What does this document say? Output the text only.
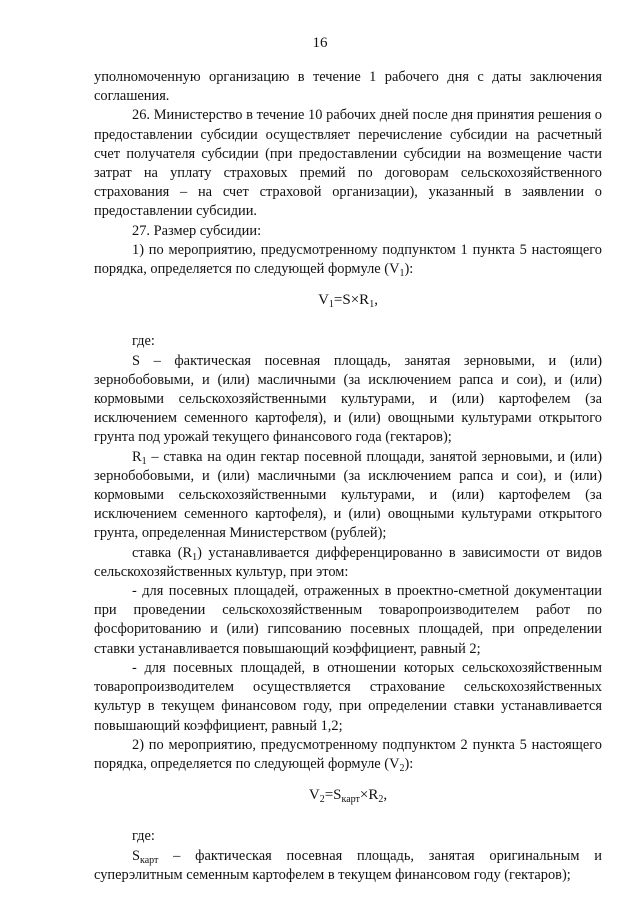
16

уполномоченную организацию в течение 1 рабочего дня с даты заключения соглашения.

26. Министерство в течение 10 рабочих дней после дня принятия решения о предоставлении субсидии осуществляет перечисление субсидии на расчетный счет получателя субсидии (при предоставлении субсидии на возмещение части затрат на уплату страховых премий по договорам сельскохозяйственного страхования – на счет страховой организации), указанный в заявлении о предоставлении субсидии.

27. Размер субсидии:

1) по мероприятию, предусмотренному подпунктом 1 пункта 5 настоящего порядка, определяется по следующей формуле $(V_1)$:

$V_1=S\times R_1$,

где:

S – фактическая посевная площадь, занятая зерновыми, и (или) зернобобовыми, и (или) масличными (за исключением рапса и сои), и (или) кормовыми сельскохозяйственными культурами, и (или) картофелем (за исключением семенного картофеля), и (или) овощными культурами открытого грунта под урожай текущего финансового года (гектаров);

$R_1$ – ставка на один гектар посевной площади, занятой зерновыми, и (или) зернобобовыми, и (или) масличными (за исключением рапса и сои), и (или) кормовыми сельскохозяйственными культурами, и (или) картофелем (за исключением семенного картофеля), и (или) овощными культурами открытого грунта, определенная Министерством (рублей);

ставка $(R_1)$ устанавливается дифференцированно в зависимости от видов сельскохозяйственных культур, при этом:

- для посевных площадей, отраженных в проектно-сметной документации при проведении сельскохозяйственным товаропроизводителем работ по фосфоритованию и (или) гипсованию посевных площадей, при определении ставки устанавливается повышающий коэффициент, равный 2;

- для посевных площадей, в отношении которых сельскохозяйственным товаропроизводителем осуществляется страхование сельскохозяйственных культур в текущем финансовом году, при определении ставки устанавливается повышающий коэффициент, равный 1,2;

2) по мероприятию, предусмотренному подпунктом 2 пункта 5 настоящего порядка, определяется по следующей формуле $(V_2)$:

$V_2=S_{карт}\times R_2$,

где:

$S_{карт}$ – фактическая посевная площадь, занятая оригинальным и суперэлитным семенным картофелем в текущем финансовом году (гектаров);
